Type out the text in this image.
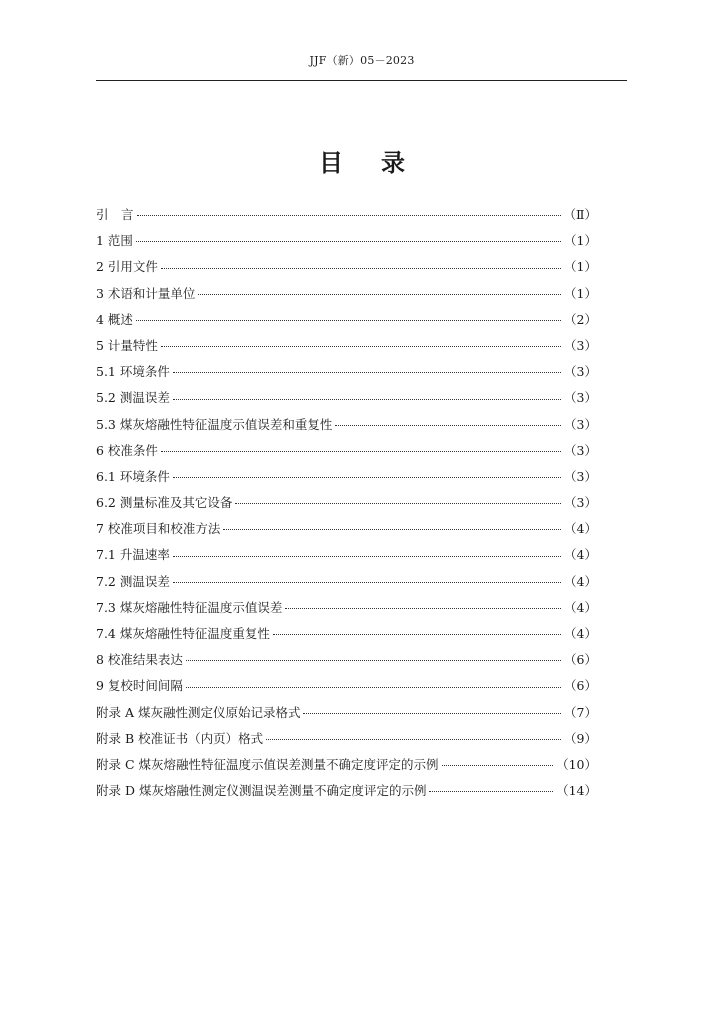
JJF（新）05－2023
目录
引　言	（Ⅱ）
1 范围	（1）
2 引用文件	（1）
3 术语和计量单位	（1）
4 概述	（2）
5 计量特性	（3）
5.1 环境条件	（3）
5.2 测温误差	（3）
5.3 煤灰熔融性特征温度示值误差和重复性	（3）
6 校准条件	（3）
6.1 环境条件	（3）
6.2 测量标准及其它设备	（3）
7 校准项目和校准方法	（4）
7.1 升温速率	（4）
7.2 测温误差	（4）
7.3 煤灰熔融性特征温度示值误差	（4）
7.4 煤灰熔融性特征温度重复性	（4）
8 校准结果表达	（6）
9 复校时间间隔	（6）
附录 A 煤灰融性测定仪原始记录格式	（7）
附录 B 校准证书（内页）格式	（9）
附录 C 煤灰熔融性特征温度示值误差测量不确定度评定的示例	（10）
附录 D 煤灰熔融性测定仪测温误差测量不确定度评定的示例	（14）
